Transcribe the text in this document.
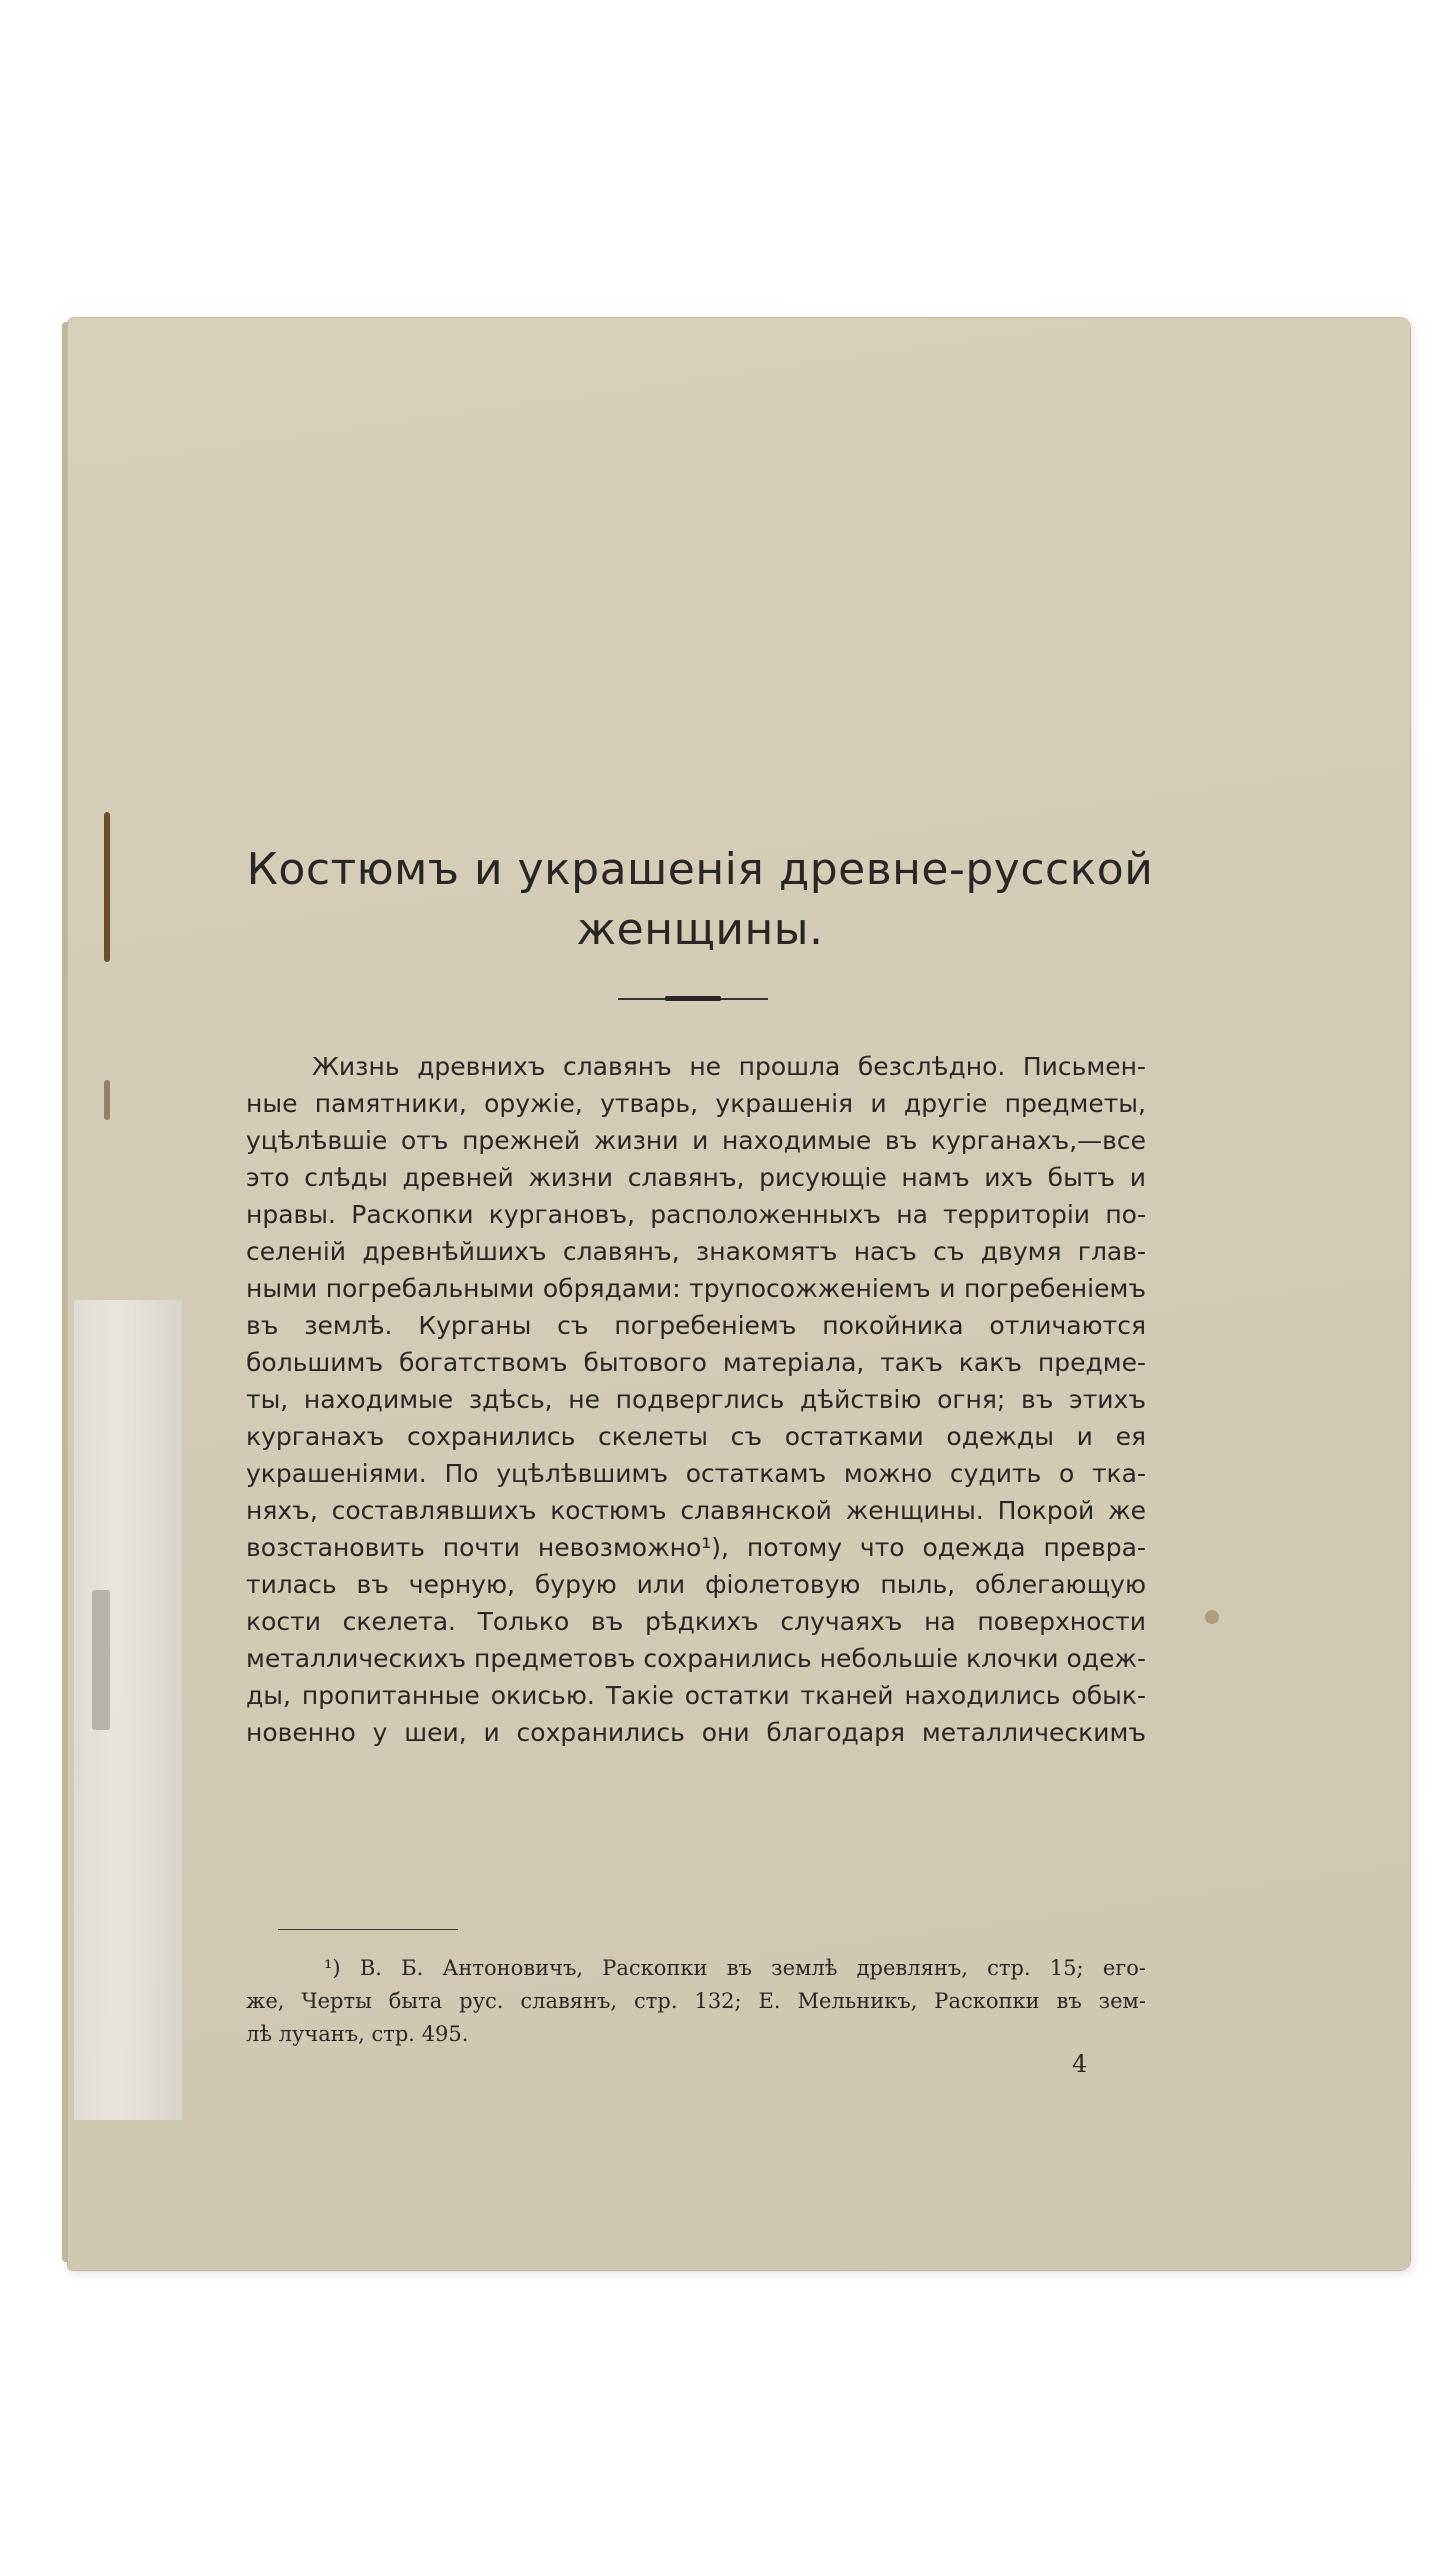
Костюмъ и украшенія древне-русской
женщины.
Жизнь древнихъ славянъ не прошла безслѣдно. Письмен-
ные памятники, оружіе, утварь, украшенія и другіе предметы,
уцѣлѣвшіе отъ прежней жизни и находимые въ курганахъ,—все
это слѣды древней жизни славянъ, рисующіе намъ ихъ бытъ и
нравы. Раскопки кургановъ, расположенныхъ на территоріи по-
селеній древнѣйшихъ славянъ, знакомятъ насъ съ двумя глав-
ными погребальными обрядами: трупосожженіемъ и погребеніемъ
въ землѣ. Курганы съ погребеніемъ покойника отличаются
большимъ богатствомъ бытового матеріала, такъ какъ предме-
ты, находимые здѣсь, не подверглись дѣйствію огня; въ этихъ
курганахъ сохранились скелеты съ остатками одежды и ея
украшеніями. По уцѣлѣвшимъ остаткамъ можно судить о тка-
няхъ, составлявшихъ костюмъ славянской женщины. Покрой же
возстановить почти невозможно¹), потому что одежда превра-
тилась въ черную, бурую или фіолетовую пыль, облегающую
кости скелета. Только въ рѣдкихъ случаяхъ на поверхности
металлическихъ предметовъ сохранились небольшіе клочки одеж-
ды, пропитанные окисью. Такіе остатки тканей находились обык-
новенно у шеи, и сохранились они благодаря металлическимъ
¹) В. Б. Антоновичъ, Раскопки въ землѣ древлянъ, стр. 15; его-
же, Черты быта рус. славянъ, стр. 132; Е. Мельникъ, Раскопки въ зем-
лѣ лучанъ, стр. 495.
4
